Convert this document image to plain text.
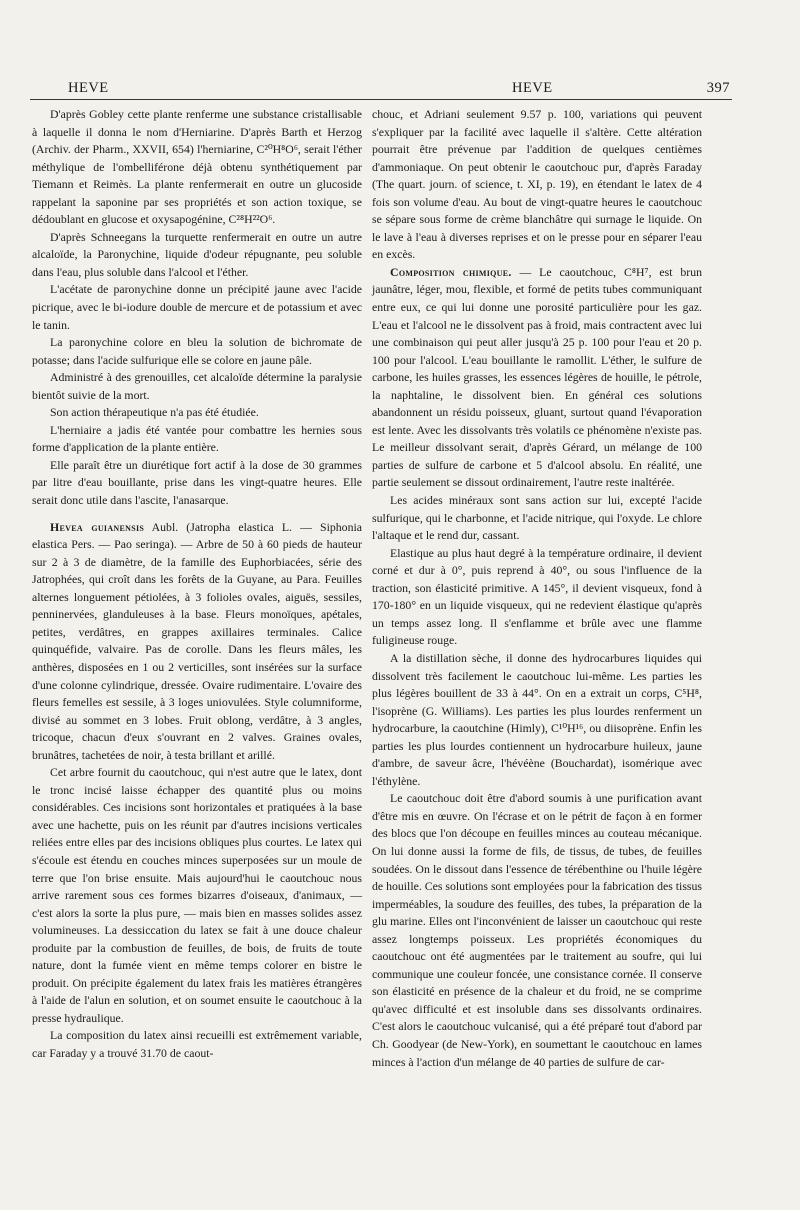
HEVE	HEVE	397

D'après Gobley cette plante renferme une substance cristallisable à laquelle il donna le nom d'Herniarine. D'après Barth et Herzog (Archiv. der Pharm., XXVII, 654) l'herniarine, C²⁰H⁸O⁶, serait l'éther méthylique de l'ombelliférone déjà obtenu synthétiquement par Tiemann et Reimès. La plante renfermerait en outre un glucoside rappelant la saponine par ses propriétés et son action toxique, se dédoublant en glucose et oxysapogénine, C²⁸H²²O⁶.

D'après Schneegans la turquette renfermerait en outre un autre alcaloïde, la Paronychine, liquide d'odeur répugnante, peu soluble dans l'eau, plus soluble dans l'alcool et l'éther.

L'acétate de paronychine donne un précipité jaune avec l'acide picrique, avec le bi-iodure double de mercure et de potassium et avec le tanin.

La paronychine colore en bleu la solution de bichromate de potasse; dans l'acide sulfurique elle se colore en jaune pâle.

Administré à des grenouilles, cet alcaloïde détermine la paralysie bientôt suivie de la mort.

Son action thérapeutique n'a pas été étudiée.

L'herniaire a jadis été vantée pour combattre les hernies sous forme d'application de la plante entière.

Elle paraît être un diurétique fort actif à la dose de 30 grammes par litre d'eau bouillante, prise dans les vingt-quatre heures. Elle serait donc utile dans l'ascite, l'anasarque.

Hevea guianensis Aubl. (Jatropha elastica L. — Siphonia elastica Pers. — Pao seringa). — Arbre de 50 à 60 pieds de hauteur sur 2 à 3 de diamètre, de la famille des Euphorbiacées, série des Jatrophées, qui croît dans les forêts de la Guyane, au Para. Feuilles alternes longuement pétiolées, à 3 folioles ovales, aiguës, sessiles, penninervées, glanduleuses à la base. Fleurs monoïques, apétales, petites, verdâtres, en grappes axillaires terminales. Calice quinquéfide, valvaire. Pas de corolle. Dans les fleurs mâles, les anthères, disposées en 1 ou 2 verticilles, sont insérées sur la surface d'une colonne cylindrique, dressée. Ovaire rudimentaire. L'ovaire des fleurs femelles est sessile, à 3 loges uniovulées. Style columniforme, divisé au sommet en 3 lobes. Fruit oblong, verdâtre, à 3 angles, tricoque, chacun d'eux s'ouvrant en 2 valves. Graines ovales, brunâtres, tachetées de noir, à testa brillant et arillé.

Cet arbre fournit du caoutchouc, qui n'est autre que le latex, dont le tronc incisé laisse échapper des quantité plus ou moins considérables. Ces incisions sont horizontales et pratiquées à la base avec une hachette, puis on les réunit par d'autres incisions verticales reliées entre elles par des incisions obliques plus courtes. Le latex qui s'écoule est étendu en couches minces superposées sur un moule de terre que l'on brise ensuite. Mais aujourd'hui le caoutchouc nous arrive rarement sous ces formes bizarres d'oiseaux, d'animaux, — c'est alors la sorte la plus pure, — mais bien en masses solides assez volumineuses. La dessiccation du latex se fait à une douce chaleur produite par la combustion de feuilles, de bois, de fruits de toute nature, dont la fumée vient en même temps colorer en bistre le produit. On précipite également du latex frais les matières étrangères à l'aide de l'alun en solution, et on soumet ensuite le caoutchouc à la presse hydraulique.

La composition du latex ainsi recueilli est extrêmement variable, car Faraday y a trouvé 31.70 de caout-

chouc, et Adriani seulement 9.57 p. 100, variations qui peuvent s'expliquer par la facilité avec laquelle il s'altère. Cette altération pourrait être prévenue par l'addition de quelques centièmes d'ammoniaque. On peut obtenir le caoutchouc pur, d'après Faraday (The quart. journ. of science, t. XI, p. 19), en étendant le latex de 4 fois son volume d'eau. Au bout de vingt-quatre heures le caoutchouc se sépare sous forme de crème blanchâtre qui surnage le liquide. On le lave à l'eau à diverses reprises et on le presse pour en séparer l'eau en excès.

Composition chimique. — Le caoutchouc, C⁸H⁷, est brun jaunâtre, léger, mou, flexible, et formé de petits tubes communiquant entre eux, ce qui lui donne une porosité particulière pour les gaz. L'eau et l'alcool ne le dissolvent pas à froid, mais contractent avec lui une combinaison qui peut aller jusqu'à 25 p. 100 pour l'eau et 20 p. 100 pour l'alcool. L'eau bouillante le ramollit. L'éther, le sulfure de carbone, les huiles grasses, les essences légères de houille, le pétrole, la naphtaline, le dissolvent bien. En général ces solutions abandonnent un résidu poisseux, gluant, surtout quand l'évaporation est lente. Avec les dissolvants très volatils ce phénomène n'existe pas. Le meilleur dissolvant serait, d'après Gérard, un mélange de 100 parties de sulfure de carbone et 5 d'alcool absolu. En réalité, une partie seulement se dissout ordinairement, l'autre reste inaltérée.

Les acides minéraux sont sans action sur lui, excepté l'acide sulfurique, qui le charbonne, et l'acide nitrique, qui l'oxyde. Le chlore l'altaque et le rend dur, cassant.

Elastique au plus haut degré à la température ordinaire, il devient corné et dur à 0°, puis reprend à 40°, ou sous l'influence de la traction, son élasticité primitive. A 145°, il devient visqueux, fond à 170-180° en un liquide visqueux, qui ne redevient élastique qu'après un temps assez long. Il s'enflamme et brûle avec une flamme fuligineuse rouge.

A la distillation sèche, il donne des hydrocarbures liquides qui dissolvent très facilement le caoutchouc lui-même. Les parties les plus légères bouillent de 33 à 44°. On en a extrait un corps, C⁵H⁸, l'isoprène (G. Williams). Les parties les plus lourdes renferment un hydrocarbure, la caoutchine (Himly), C¹⁰H¹⁶, ou diisoprène. Enfin les parties les plus lourdes contiennent un hydrocarbure huileux, jaune d'ambre, de saveur âcre, l'hévéène (Bouchardat), isomérique avec l'éthylène.

Le caoutchouc doit être d'abord soumis à une purification avant d'être mis en œuvre. On l'écrase et on le pétrit de façon à en former des blocs que l'on découpe en feuilles minces au couteau mécanique. On lui donne aussi la forme de fils, de tissus, de tubes, de feuilles soudées. On le dissout dans l'essence de térébenthine ou l'huile légère de houille. Ces solutions sont employées pour la fabrication des tissus imperméables, la soudure des feuilles, des tubes, la préparation de la glu marine. Elles ont l'inconvénient de laisser un caoutchouc qui reste assez longtemps poisseux. Les propriétés économiques du caoutchouc ont été augmentées par le traitement au soufre, qui lui communique une couleur foncée, une consistance cornée. Il conserve son élasticité en présence de la chaleur et du froid, ne se comprime qu'avec difficulté et est insoluble dans ses dissolvants ordinaires. C'est alors le caoutchouc vulcanisé, qui a été préparé tout d'abord par Ch. Goodyear (de New-York), en soumettant le caoutchouc en lames minces à l'action d'un mélange de 40 parties de sulfure de car-
